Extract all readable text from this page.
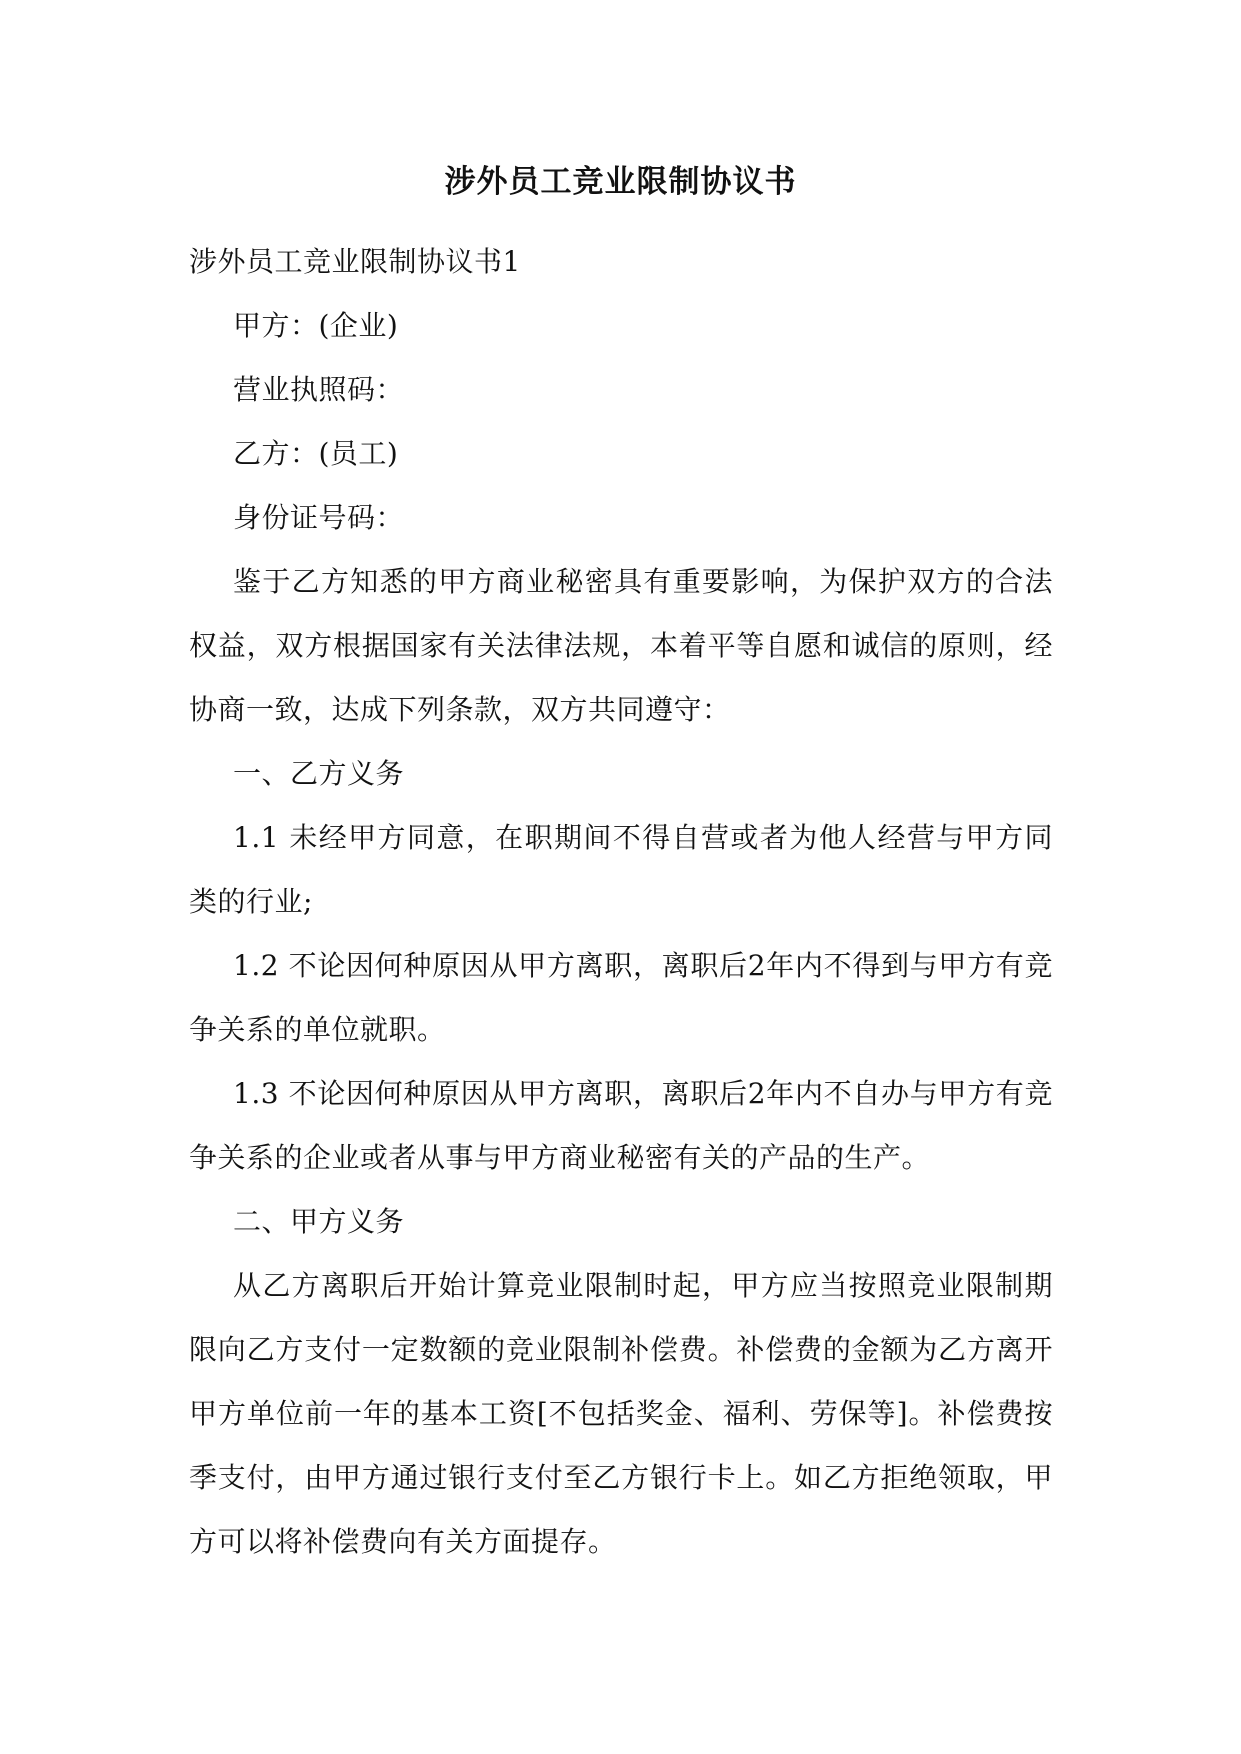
涉外员工竞业限制协议书

涉外员工竞业限制协议书1

甲方：(企业)

营业执照码：

乙方：(员工)

身份证号码：

鉴于乙方知悉的甲方商业秘密具有重要影响，为保护双方的合法权益，双方根据国家有关法律法规，本着平等自愿和诚信的原则，经协商一致，达成下列条款，双方共同遵守：

一、乙方义务

1.1 未经甲方同意，在职期间不得自营或者为他人经营与甲方同类的行业;

1.2 不论因何种原因从甲方离职，离职后2年内不得到与甲方有竞争关系的单位就职。

1.3 不论因何种原因从甲方离职，离职后2年内不自办与甲方有竞争关系的企业或者从事与甲方商业秘密有关的产品的生产。

二、甲方义务

从乙方离职后开始计算竞业限制时起，甲方应当按照竞业限制期限向乙方支付一定数额的竞业限制补偿费。补偿费的金额为乙方离开甲方单位前一年的基本工资[不包括奖金、福利、劳保等]。补偿费按季支付，由甲方通过银行支付至乙方银行卡上。如乙方拒绝领取，甲方可以将补偿费向有关方面提存。
